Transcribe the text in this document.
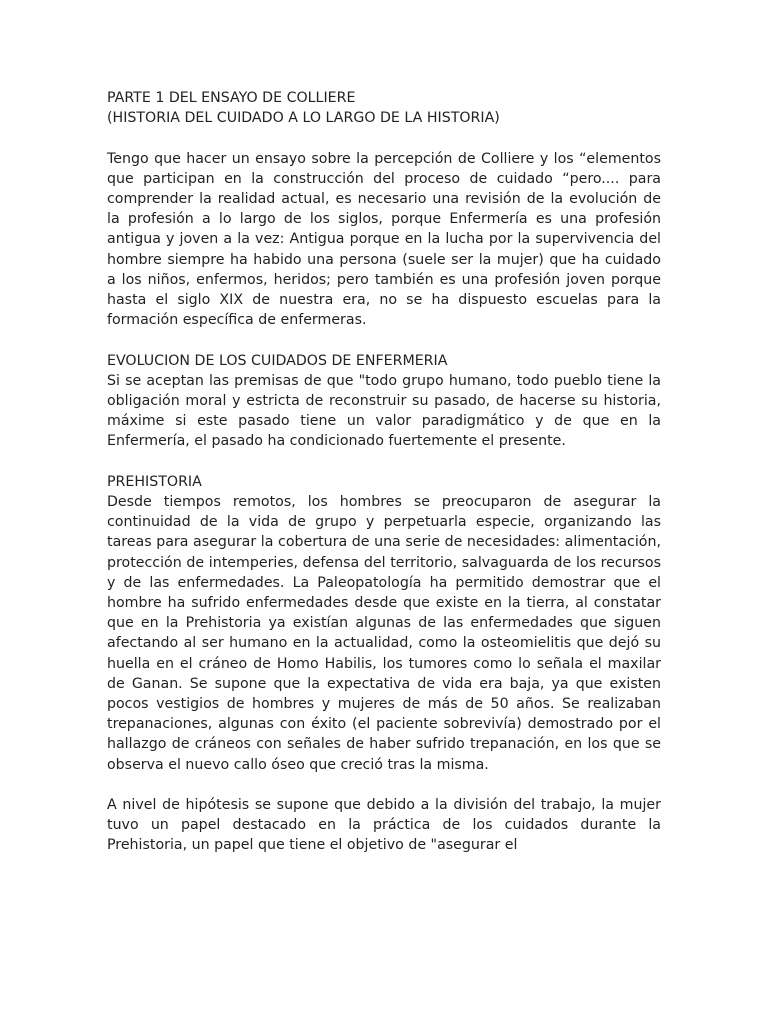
PARTE 1 DEL ENSAYO DE COLLIERE
(HISTORIA DEL CUIDADO A LO LARGO DE LA HISTORIA)

Tengo que hacer un ensayo sobre la percepción de Colliere y los “elementos que participan en la construcción del proceso de cuidado “pero.... para comprender la realidad actual, es necesario una revisión de la evolución de la profesión a lo largo de los siglos, porque Enfermería es una profesión antigua y joven a la vez: Antigua porque en la lucha por la supervivencia del hombre siempre ha habido una persona (suele ser la mujer) que ha cuidado a los niños, enfermos, heridos; pero también es una profesión joven porque hasta el siglo XIX de nuestra era, no se ha dispuesto escuelas para la formación específica de enfermeras.

EVOLUCION DE LOS CUIDADOS DE ENFERMERIA

Si se aceptan las premisas de que "todo grupo humano, todo pueblo tiene la obligación moral y estricta de reconstruir su pasado, de hacerse su historia, máxime si este pasado tiene un valor paradigmático y de que en la Enfermería, el pasado ha condicionado fuertemente el presente.

PREHISTORIA

Desde tiempos remotos, los hombres se preocuparon de asegurar la continuidad de la vida de grupo y perpetuarla especie, organizando las tareas para asegurar la cobertura de una serie de necesidades: alimentación, protección de intemperies, defensa del territorio, salvaguarda de los recursos y de las enfermedades. La Paleopatología ha permitido demostrar que el hombre ha sufrido enfermedades desde que existe en la tierra, al constatar que en la Prehistoria ya existían algunas de las enfermedades que siguen afectando al ser humano en la actualidad, como la osteomielitis que dejó su huella en el cráneo de Homo Habilis, los tumores como lo señala el maxilar de Ganan. Se supone que la expectativa de vida era baja, ya que existen pocos vestigios de hombres y mujeres de más de 50 años. Se realizaban trepanaciones, algunas con éxito (el paciente sobrevivía) demostrado por el hallazgo de cráneos con señales de haber sufrido trepanación, en los que se observa el nuevo callo óseo que creció tras la misma.

A nivel de hipótesis se supone que debido a la división del trabajo, la mujer tuvo un papel destacado en la práctica de los cuidados durante la Prehistoria, un papel que tiene el objetivo de "asegurar el
